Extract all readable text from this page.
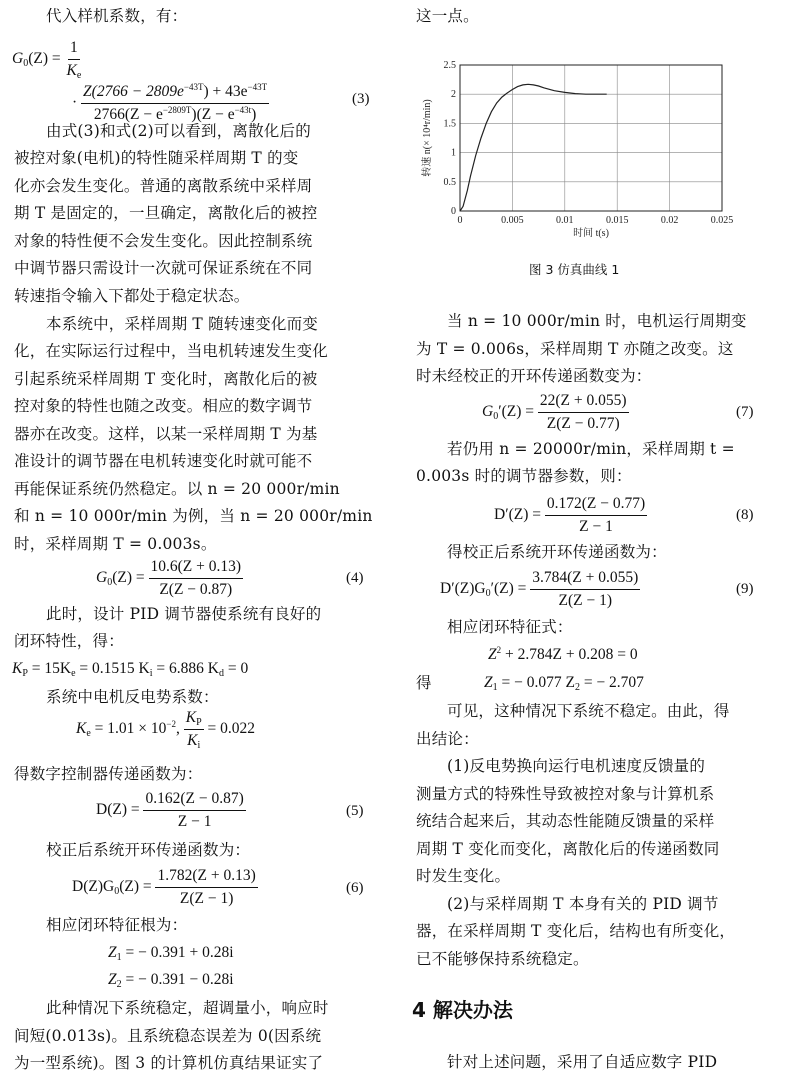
代入样机系数，有：
$G_0(Z) = \frac{1}{K_e}$
· $\frac{Z(2766 - 2809e^{-43T}) + 43e^{-43T}}{2766(Z - e^{-2809T})(Z - e^{-43t})}$	(3)
由式(3)和式(2)可以看到，离散化后的
被控对象(电机)的特性随采样周期 T 的变
化亦会发生变化。普通的离散系统中采样周
期 T 是固定的，一旦确定，离散化后的被控
对象的特性便不会发生变化。因此控制系统
中调节器只需设计一次就可保证系统在不同
转速指令输入下都处于稳定状态。
本系统中，采样周期 T 随转速变化而变
化，在实际运行过程中，当电机转速发生变化
引起系统采样周期 T 变化时，离散化后的被
控对象的特性也随之改变。相应的数字调节
器亦在改变。这样，以某一采样周期 T 为基
准设计的调节器在电机转速变化时就可能不
再能保证系统仍然稳定。以 n = 20 000r/min
和 n = 10 000r/min 为例，当 n = 20 000r/min
时，采样周期 T = 0.003s。
$G_0(Z) = \frac{10.6(Z + 0.13)}{Z(Z - 0.87)}$	(4)
此时，设计 PID 调节器使系统有良好的
闭环特性，得：
$K_P = 15K_e = 0.1515$ $K_i = 6.886$ $K_d = 0$
系统中电机反电势系数：
$K_e = 1.01 \times 10^{-2}$, $\frac{K_P}{K_i} = 0.022$
得数字控制器传递函数为：
$D(Z) = \frac{0.162(Z - 0.87)}{Z - 1}$	(5)
校正后系统开环传递函数为：
$D(Z)G_0(Z) = \frac{1.782(Z + 0.13)}{Z(Z - 1)}$	(6)
相应闭环特征根为：
$Z_1$ = − 0.391 + 0.28i
$Z_2$ = − 0.391 − 0.28i
此种情况下系统稳定，超调量小，响应时
间短(0.013s)。且系统稳态误差为 0(因系统
为一型系统)。图 3 的计算机仿真结果证实了
这一点。
0	0.005	0.01	0.015	0.02	0.025
0
0.5
1
1.5
2
2.5
时间 t(s)
转速 n(× 10⁴r/min)
图 3 仿真曲线 1
当 n = 10 000r/min 时，电机运行周期变
为 T = 0.006s，采样周期 T 亦随之改变。这
时未经校正的开环传递函数变为：
$G_0'(Z) = \frac{22(Z + 0.055)}{Z(Z - 0.77)}$	(7)
若仍用 n = 20000r/min，采样周期 t =
0.003s 时的调节器参数，则：
$D'(Z) = \frac{0.172(Z - 0.77)}{Z - 1}$	(8)
得校正后系统开环传递函数为：
$D'(Z)G_0'(Z) = \frac{3.784(Z + 0.055)}{Z(Z - 1)}$	(9)
相应闭环特征式：
$Z^2 + 2.784Z + 0.208 = 0$
得	$Z_1$ = − 0.077 $Z_2$ = − 2.707
可见，这种情况下系统不稳定。由此，得
出结论：
(1)反电势换向运行电机速度反馈量的
测量方式的特殊性导致被控对象与计算机系
统结合起来后，其动态性能随反馈量的采样
周期 T 变化而变化，离散化后的传递函数同
时发生变化。
(2)与采样周期 T 本身有关的 PID 调节
器，在采样周期 T 变化后，结构也有所变化，
已不能够保持系统稳定。
4 解决办法
针对上述问题，采用了自适应数字 PID
